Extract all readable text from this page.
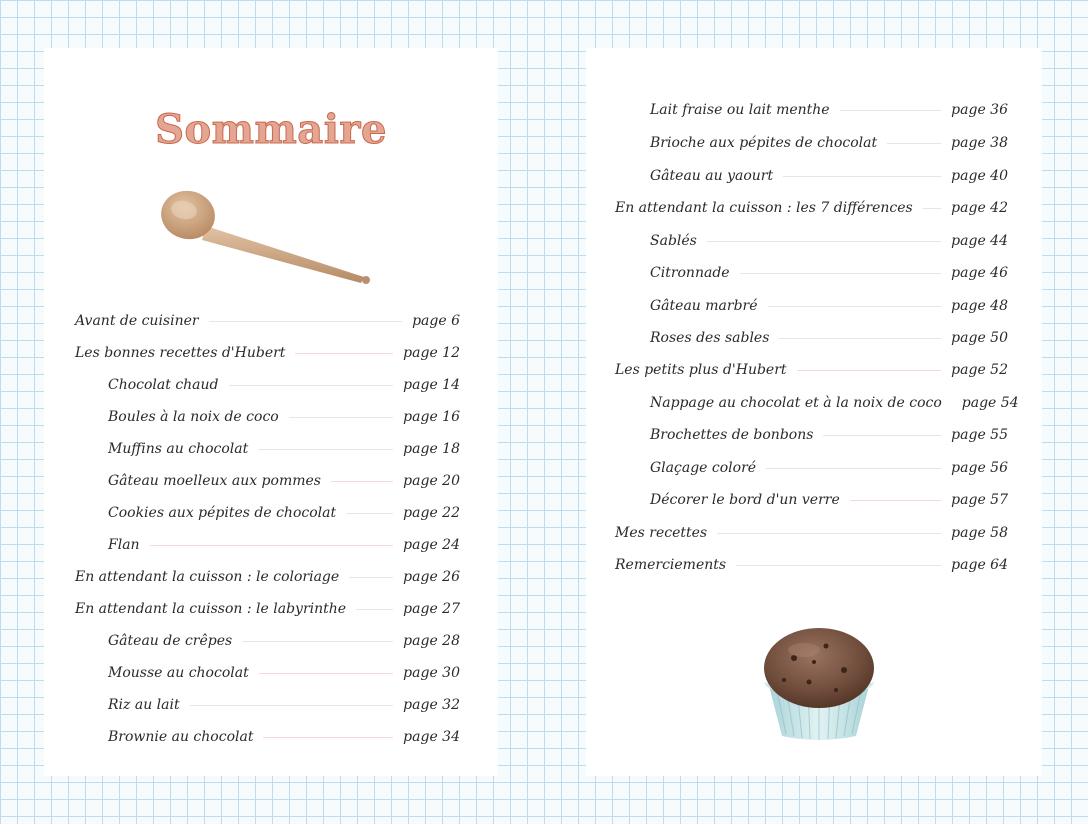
Sommaire
Avant de cuisiner	page 6
Les bonnes recettes d'Hubert	page 12
Chocolat chaud	page 14
Boules à la noix de coco	page 16
Muffins au chocolat	page 18
Gâteau moelleux aux pommes	page 20
Cookies aux pépites de chocolat	page 22
Flan	page 24
En attendant la cuisson : le coloriage	page 26
En attendant la cuisson : le labyrinthe	page 27
Gâteau de crêpes	page 28
Mousse au chocolat	page 30
Riz au lait	page 32
Brownie au chocolat	page 34
Lait fraise ou lait menthe	page 36
Brioche aux pépites de chocolat	page 38
Gâteau au yaourt	page 40
En attendant la cuisson : les 7 différences	page 42
Sablés	page 44
Citronnade	page 46
Gâteau marbré	page 48
Roses des sables	page 50
Les petits plus d'Hubert	page 52
Nappage au chocolat et à la noix de coco page 54
Brochettes de bonbons	page 55
Glaçage coloré	page 56
Décorer le bord d'un verre	page 57
Mes recettes	page 58
Remerciements	page 64
